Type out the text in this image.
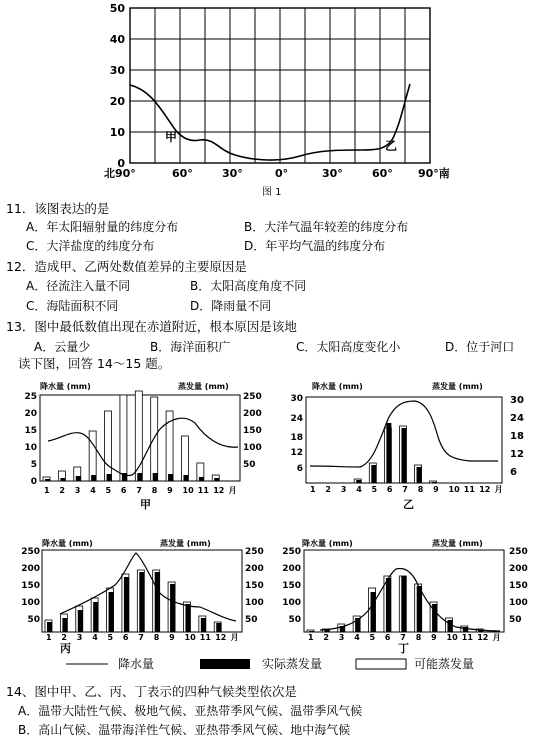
50
40
30
20
10
0
北90°	60°	30°	0°	30°	60° 90°南
甲
乙
图 1
11．该图表达的是
A．年太阳辐射量的纬度分布	B．大洋气温年较差的纬度分布
C．大洋盐度的纬度分布	D．年平均气温的纬度分布
12．造成甲、乙两处数值差异的主要原因是
A．径流注入量不同	B．太阳高度角度不同
C．海陆面积不同	D．降雨量不同
13．图中最低数值出现在赤道附近，根本原因是该地
A．云量少	B．海洋面积广	C．太阳高度变化小	D．位于河口
读下图，回答 14～15 题。
降水量 (mm)	蒸发量 (mm)
25
20
15
10
5
0
250
200
150
100
50
1 2 3 4 5 6 7 8 9 10 11 12 月
甲
降水量 (mm)	蒸发量 (mm)
30
24
18
12
6
30
24
18
12
6
1 2 3 4 5 6 7 8 9 10 11 12 月
乙
降水量 (mm)	蒸发量 (mm)
250
200
150
100
50
250
200
150
100
50
1 2 3 4 5 6 7 8 9 10 11 12 月
丙
降水量 (mm)	蒸发量 (mm)
250
200
150
100
50
250
200
150
100
50
1 2 3 4 5 6 7 8 9 10 11 12 月
丁
降水量	实际蒸发量	可能蒸发量
14、图中甲、乙、丙、丁表示的四种气候类型依次是
A．温带大陆性气候、极地气候、亚热带季风气候、温带季风气候
B．高山气候、温带海洋性气候、亚热带季风气候、地中海气候
